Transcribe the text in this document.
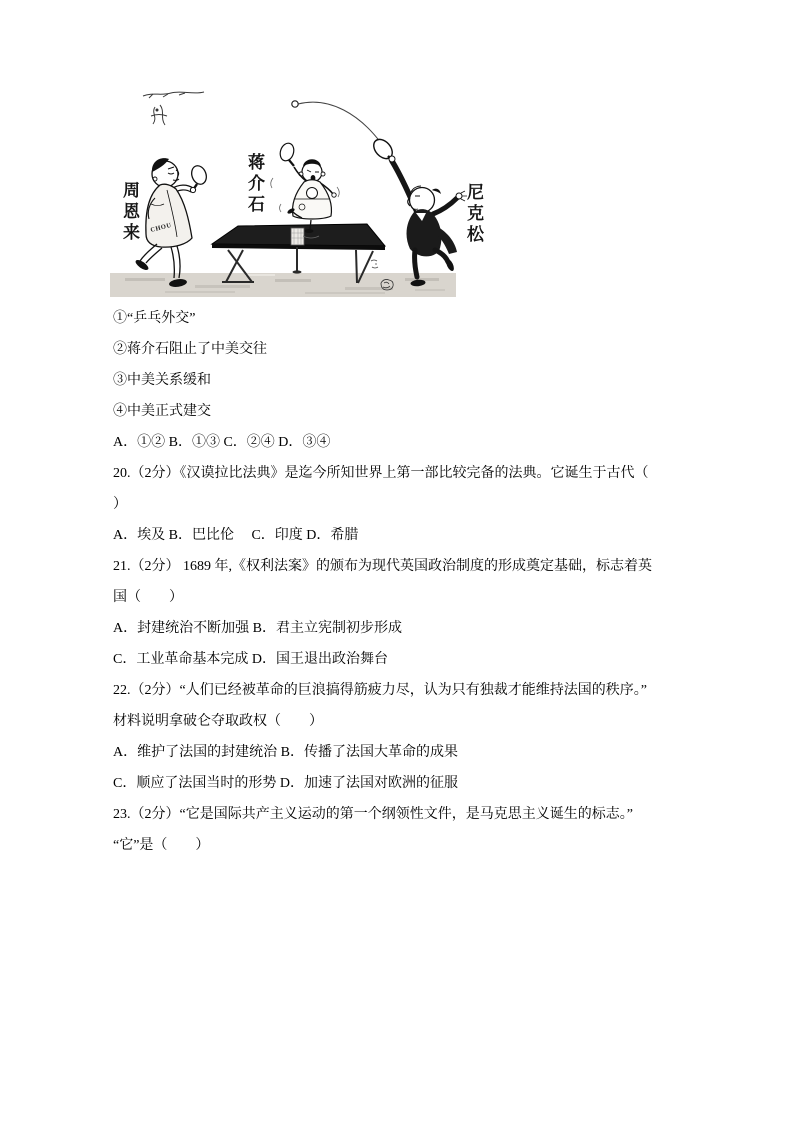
CHOU
周恩来	蒋介石	尼克松

①“乒乓外交”

②蒋介石阻止了中美交往

③中美关系缓和

④中美正式建交

A．①② B．①③ C．②④ D．③④

20.（2分）《汉谟拉比法典》是迄今所知世界上第一部比较完备的法典。它诞生于古代（

）

A．埃及 B．巴比伦　 C．印度 D．希腊

21.（2分） 1689 年,《权利法案》的颁布为现代英国政治制度的形成奠定基础，标志着英

国（　　）

A．封建统治不断加强 B．君主立宪制初步形成

C．工业革命基本完成 D．国王退出政治舞台

22.（2分）“人们已经被革命的巨浪搞得筋疲力尽，认为只有独裁才能维持法国的秩序。”

材料说明拿破仑夺取政权（　　）

A．维护了法国的封建统治 B．传播了法国大革命的成果

C．顺应了法国当时的形势 D．加速了法国对欧洲的征服

23.（2分）“它是国际共产主义运动的第一个纲领性文件，是马克思主义诞生的标志。”

“它”是（　　）
